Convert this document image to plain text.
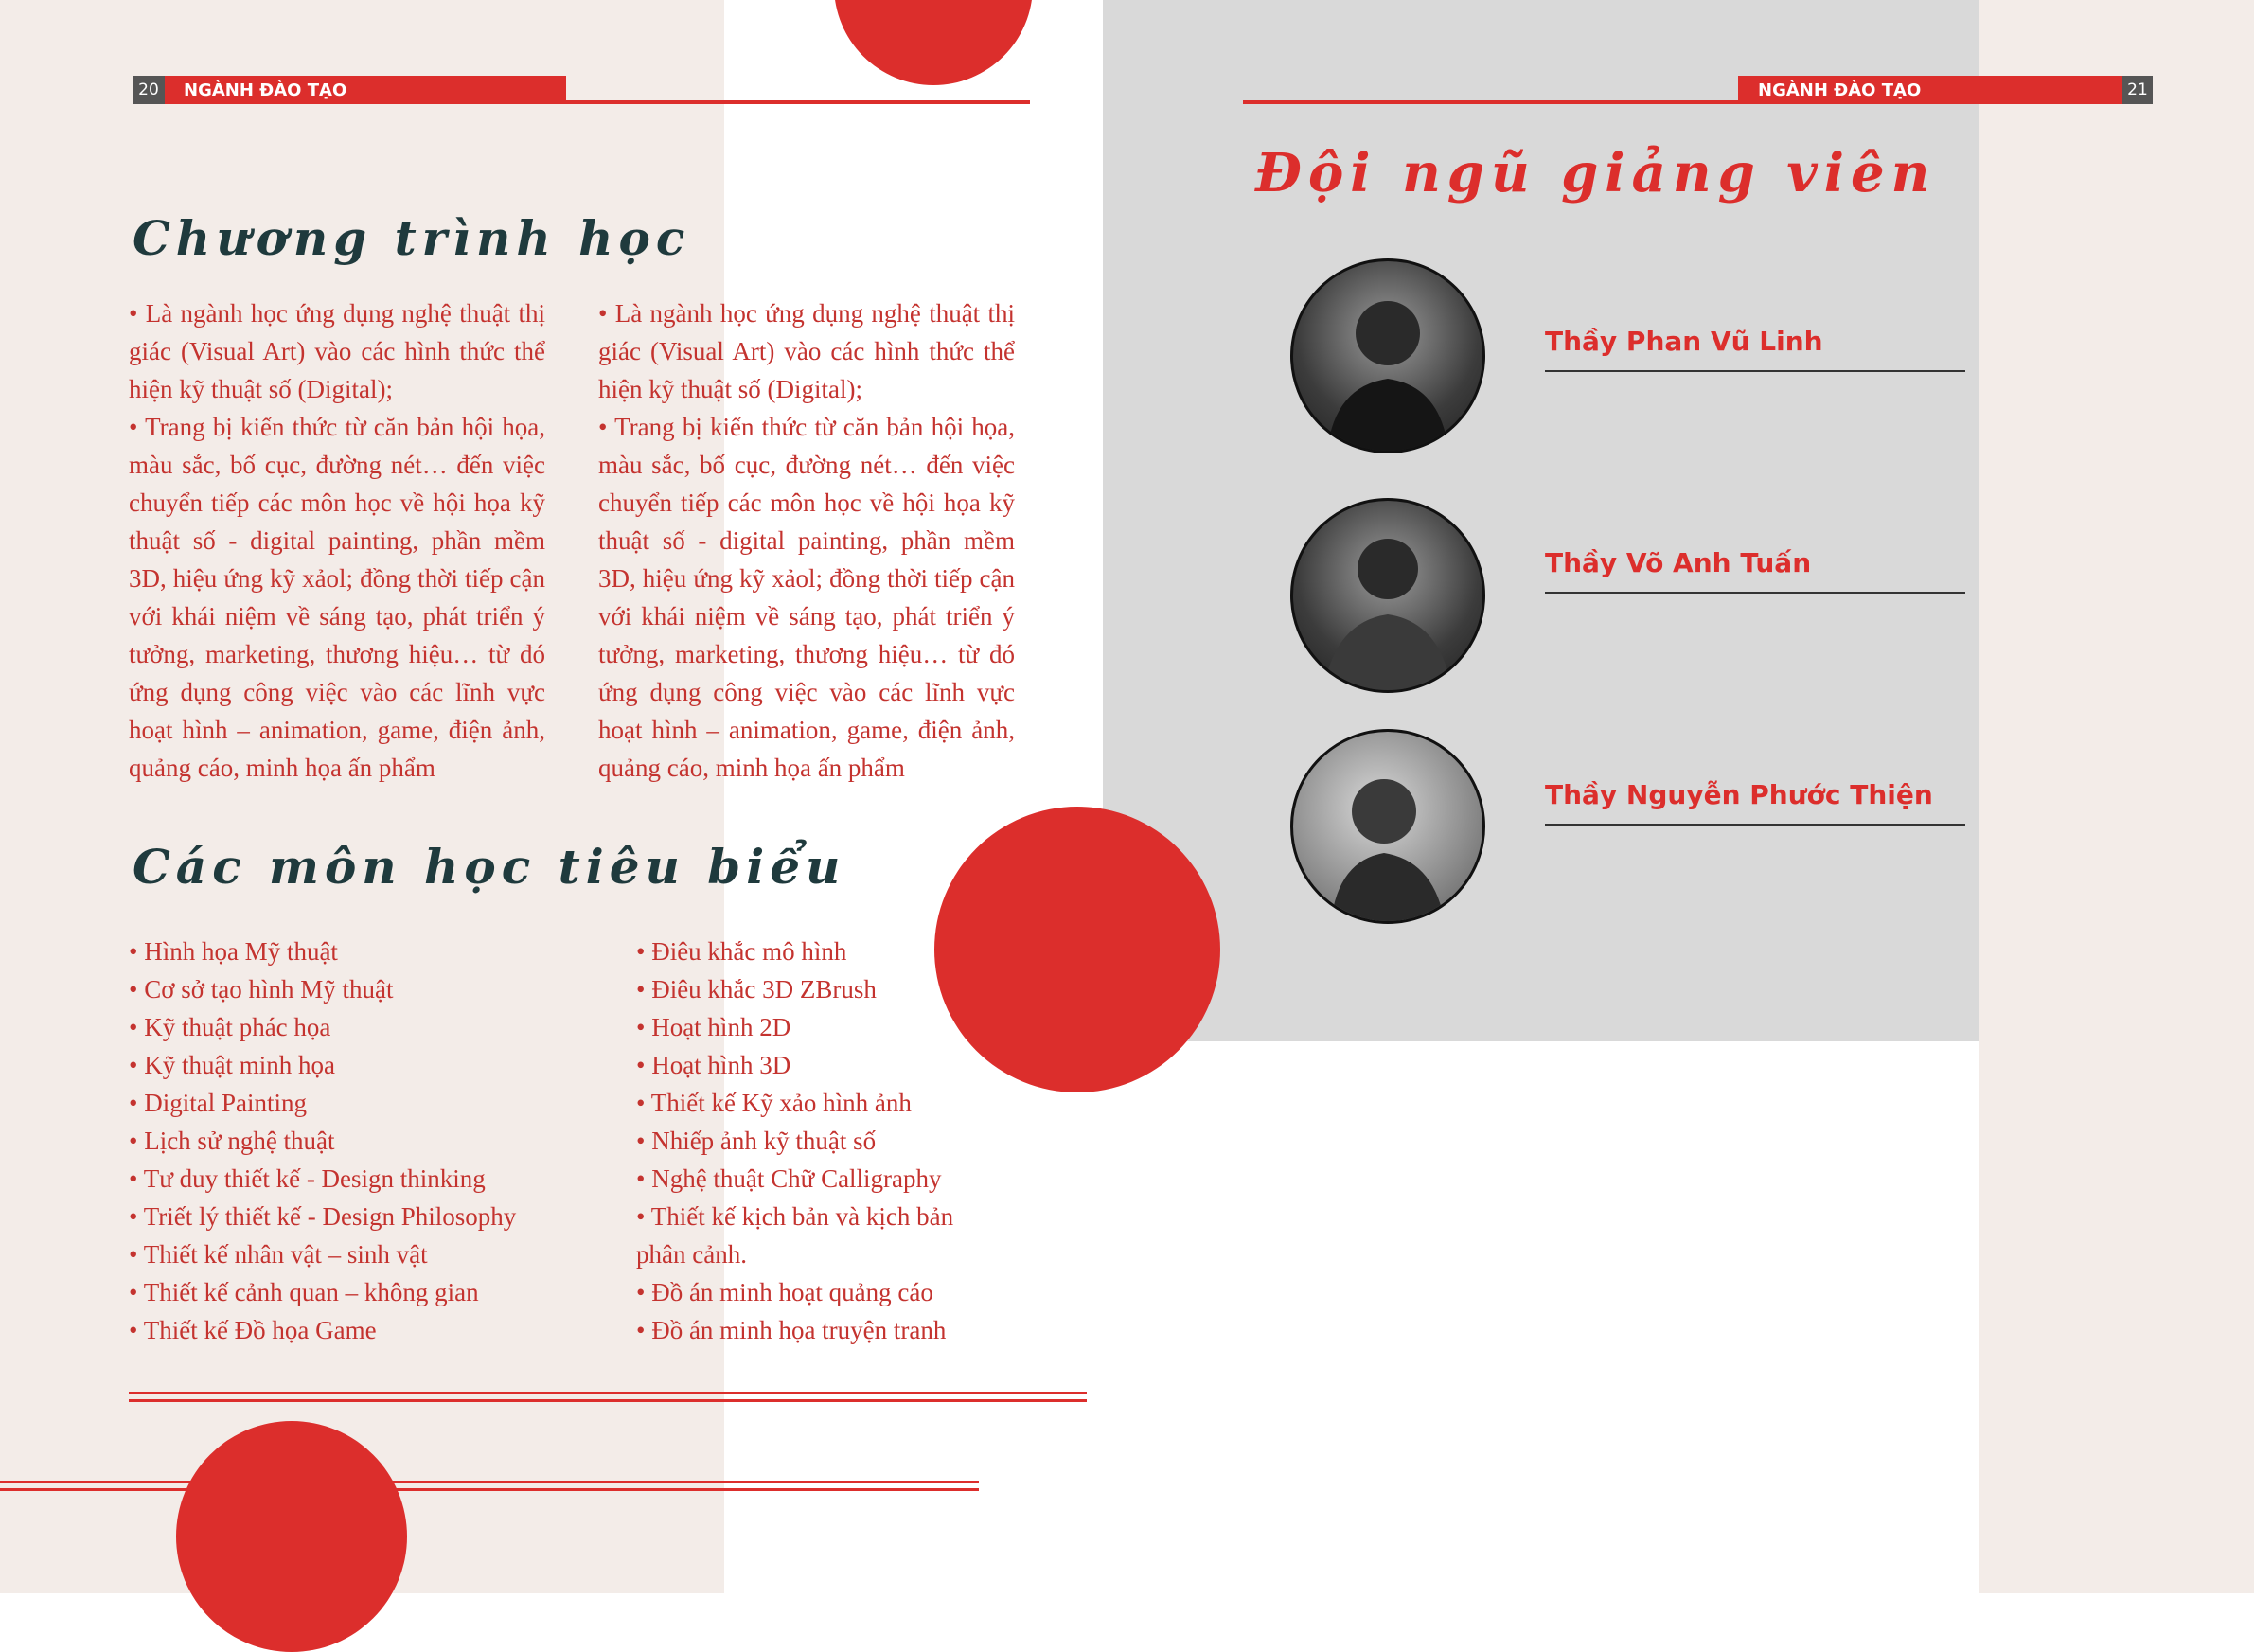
20	NGÀNH ĐÀO TẠO	NGÀNH ĐÀO TẠO	21
Chương trình học

• Là ngành học ứng dụng nghệ thuật thị giác (Visual Art) vào các hình thức thể hiện kỹ thuật số (Digital);

• Trang bị kiến thức từ căn bản hội họa, màu sắc, bố cục, đường nét… đến việc chuyển tiếp các môn học về hội họa kỹ thuật số - digital painting, phần mềm 3D, hiệu ứng kỹ xảol; đồng thời tiếp cận với khái niệm về sáng tạo, phát triển ý tưởng, marketing, thương hiệu… từ đó ứng dụng công việc vào các lĩnh vực hoạt hình – animation, game, điện ảnh, quảng cáo, minh họa ấn phẩm

• Là ngành học ứng dụng nghệ thuật thị giác (Visual Art) vào các hình thức thể hiện kỹ thuật số (Digital);

• Trang bị kiến thức từ căn bản hội họa, màu sắc, bố cục, đường nét… đến việc chuyển tiếp các môn học về hội họa kỹ thuật số - digital painting, phần mềm 3D, hiệu ứng kỹ xảol; đồng thời tiếp cận với khái niệm về sáng tạo, phát triển ý tưởng, marketing, thương hiệu… từ đó ứng dụng công việc vào các lĩnh vực hoạt hình – animation, game, điện ảnh, quảng cáo, minh họa ấn phẩm

Các môn học tiêu biểu
• Hình họa Mỹ thuật
• Cơ sở tạo hình Mỹ thuật
• Kỹ thuật phác họa
• Kỹ thuật minh họa
• Digital Painting
• Lịch sử nghệ thuật
• Tư duy thiết kế - Design thinking
• Triết lý thiết kế - Design Philosophy
• Thiết kế nhân vật – sinh vật
• Thiết kế cảnh quan – không gian
• Thiết kế Đồ họa Game
• Điêu khắc mô hình
• Điêu khắc 3D ZBrush
• Hoạt hình 2D
• Hoạt hình 3D
• Thiết kế Kỹ xảo hình ảnh
• Nhiếp ảnh kỹ thuật số
• Nghệ thuật Chữ Calligraphy
• Thiết kế kịch bản và kịch bản
phân cảnh.
• Đồ án minh hoạt quảng cáo
• Đồ án minh họa truyện tranh
Đội ngũ giảng viên
Thầy Phan Vũ Linh
Thầy Võ Anh Tuấn
Thầy Nguyễn Phước Thiện
